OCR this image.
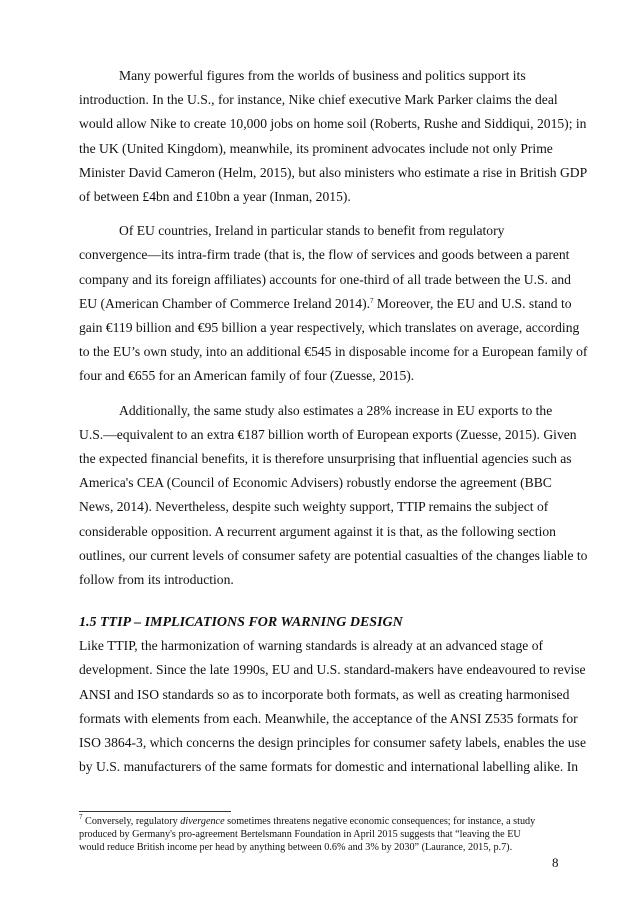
Many powerful figures from the worlds of business and politics support its
introduction. In the U.S., for instance, Nike chief executive Mark Parker claims the deal
would allow Nike to create 10,000 jobs on home soil (Roberts, Rushe and Siddiqui, 2015); in
the UK (United Kingdom), meanwhile, its prominent advocates include not only Prime
Minister David Cameron (Helm, 2015), but also ministers who estimate a rise in British GDP
of between £4bn and £10bn a year (Inman, 2015).

Of EU countries, Ireland in particular stands to benefit from regulatory
convergence—its intra-firm trade (that is, the flow of services and goods between a parent
company and its foreign affiliates) accounts for one-third of all trade between the U.S. and
EU (American Chamber of Commerce Ireland 2014).$^7$ Moreover, the EU and U.S. stand to
gain €119 billion and €95 billion a year respectively, which translates on average, according
to the EU’s own study, into an additional €545 in disposable income for a European family of
four and €655 for an American family of four (Zuesse, 2015).

Additionally, the same study also estimates a 28% increase in EU exports to the
U.S.—equivalent to an extra €187 billion worth of European exports (Zuesse, 2015). Given
the expected financial benefits, it is therefore unsurprising that influential agencies such as
America's CEA (Council of Economic Advisers) robustly endorse the agreement (BBC
News, 2014). Nevertheless, despite such weighty support, TTIP remains the subject of
considerable opposition. A recurrent argument against it is that, as the following section
outlines, our current levels of consumer safety are potential casualties of the changes liable to
follow from its introduction.

1.5 TTIP – IMPLICATIONS FOR WARNING DESIGN

Like TTIP, the harmonization of warning standards is already at an advanced stage of
development. Since the late 1990s, EU and U.S. standard-makers have endeavoured to revise
ANSI and ISO standards so as to incorporate both formats, as well as creating harmonised
formats with elements from each. Meanwhile, the acceptance of the ANSI Z535 formats for
ISO 3864-3, which concerns the design principles for consumer safety labels, enables the use
by U.S. manufacturers of the same formats for domestic and international labelling alike. In

$^7$ Conversely, regulatory divergence sometimes threatens negative economic consequences; for instance, a study
produced by Germany's pro-agreement Bertelsmann Foundation in April 2015 suggests that “leaving the EU
would reduce British income per head by anything between 0.6% and 3% by 2030” (Laurance, 2015, p.7).
8
